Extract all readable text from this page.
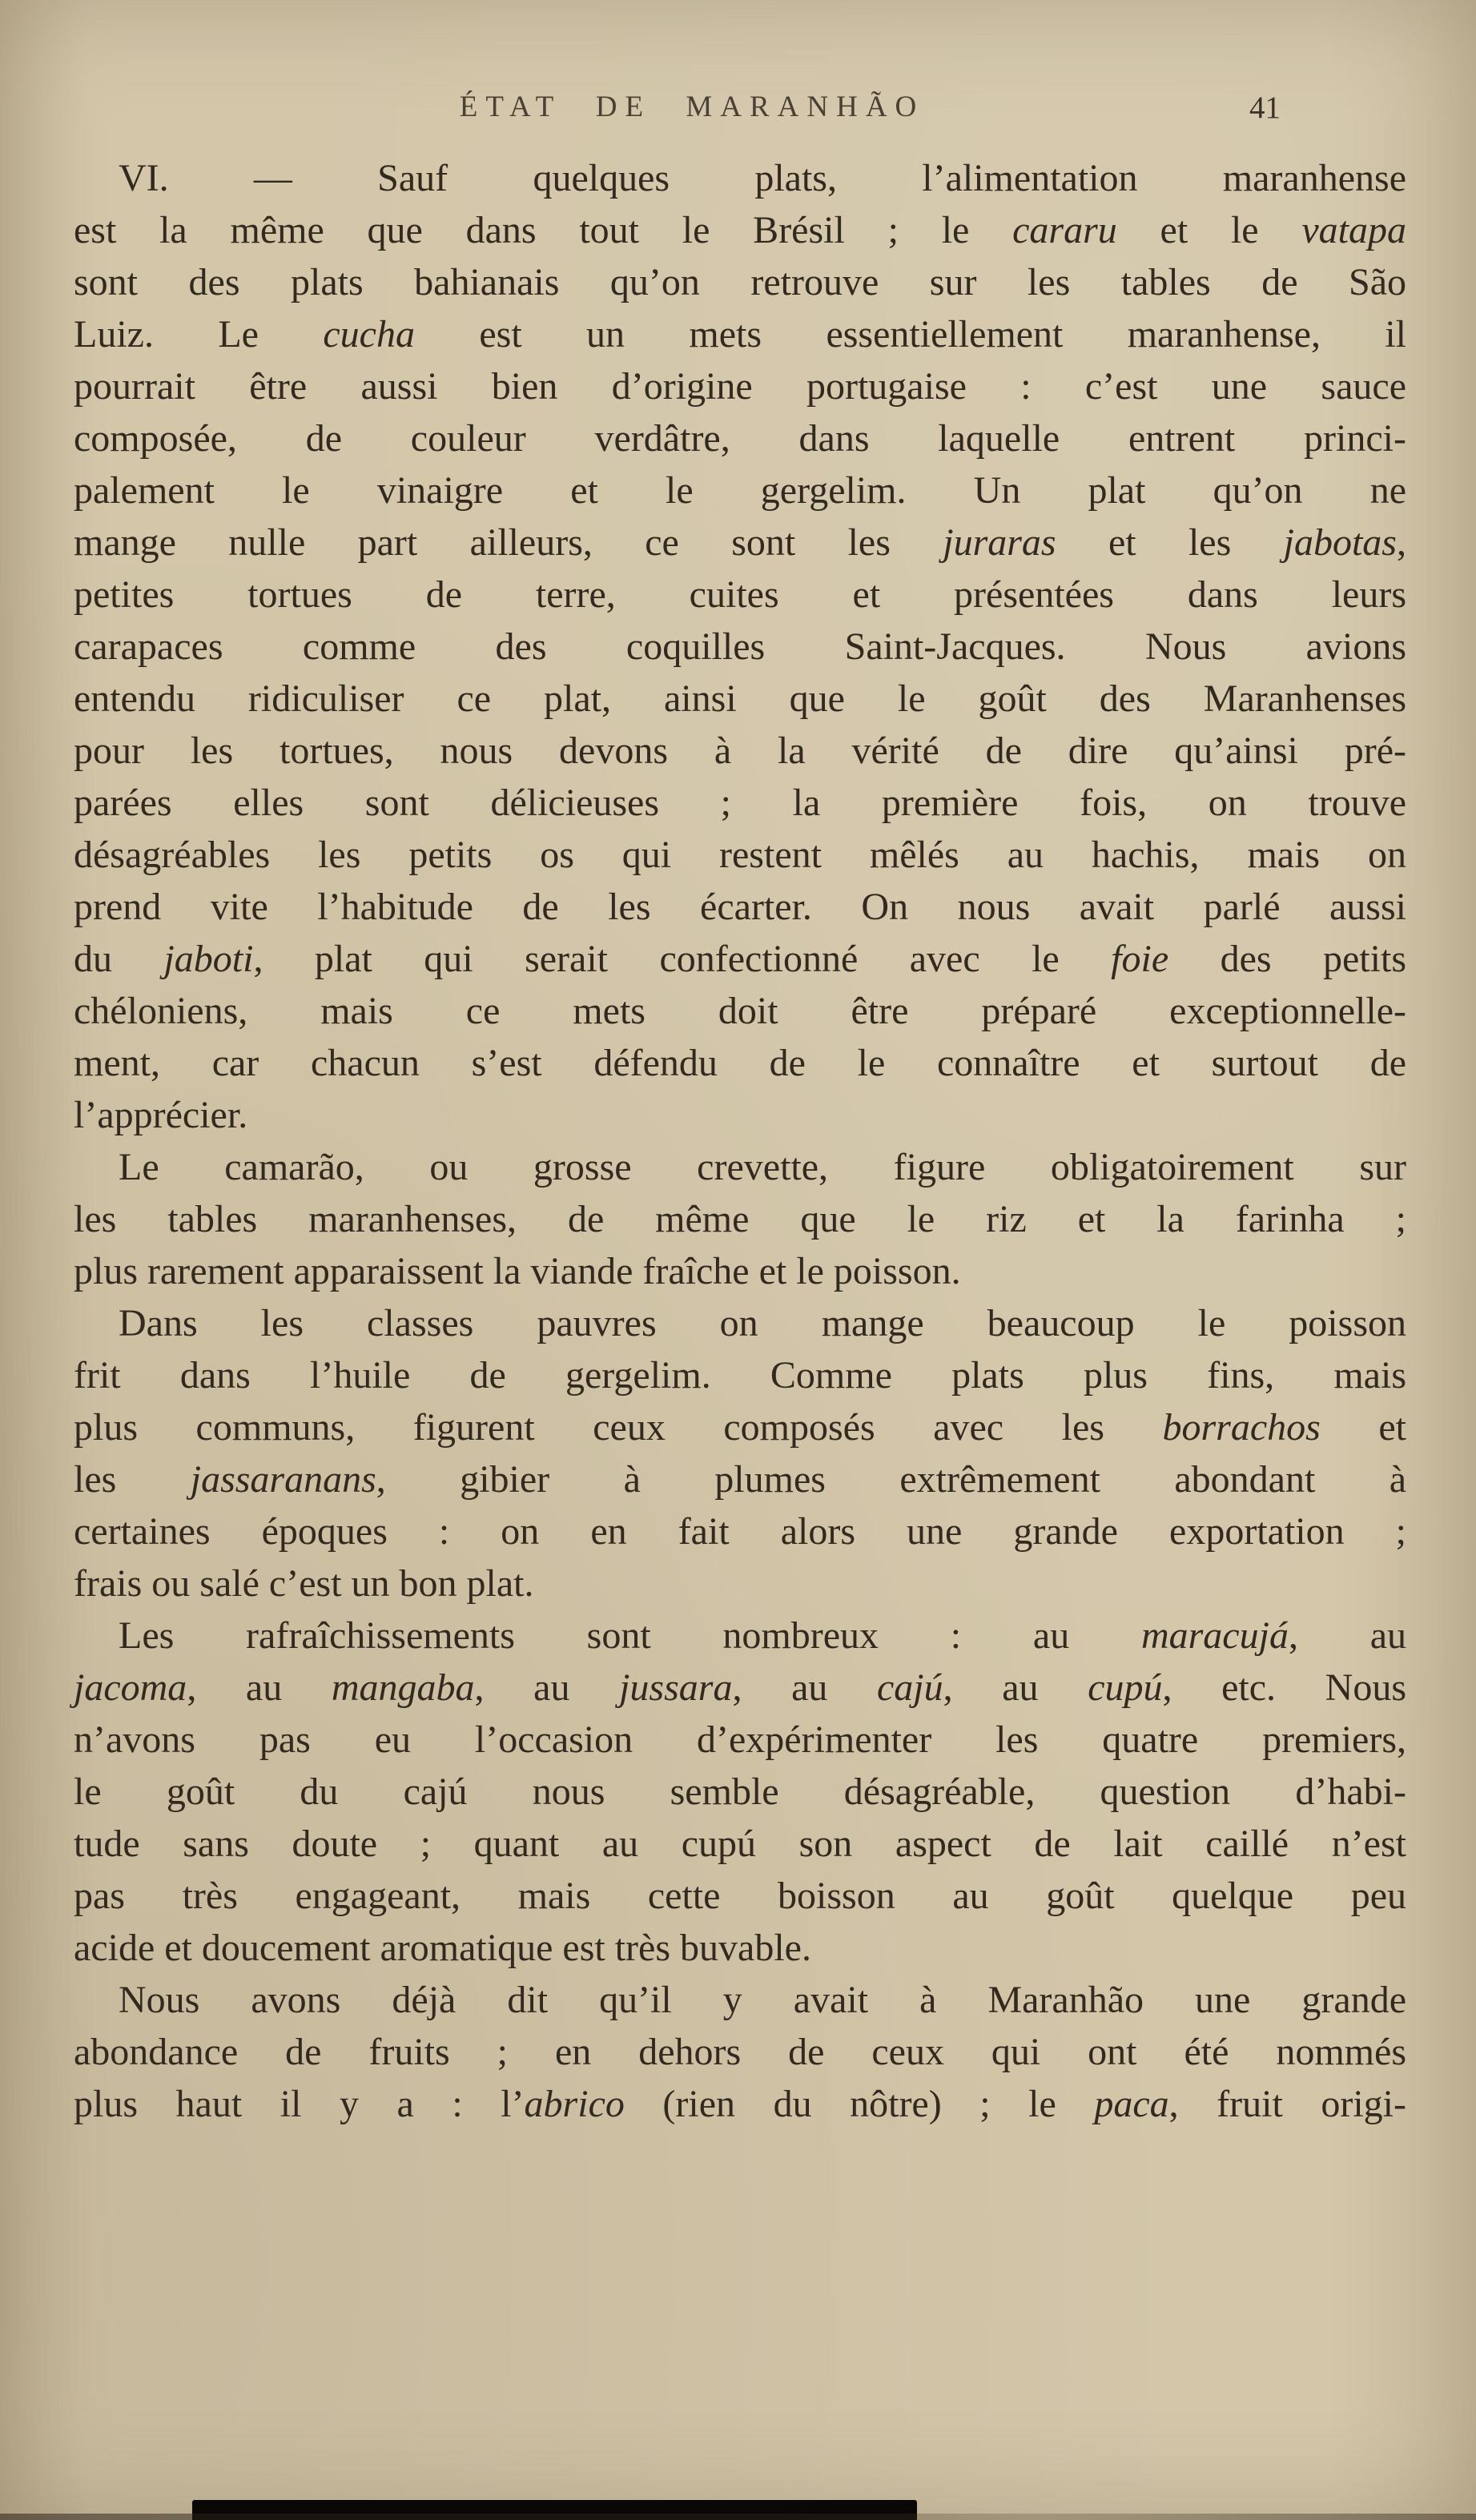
ÉTAT DE MARANHÃO	41
VI. — Sauf quelques plats, l’alimentation maranhense
est la même que dans tout le Brésil ; le cararu et le vatapa
sont des plats bahianais qu’on retrouve sur les tables de São
Luiz. Le cucha est un mets essentiellement maranhense, il
pourrait être aussi bien d’origine portugaise : c’est une sauce
composée, de couleur verdâtre, dans laquelle entrent princi-
palement le vinaigre et le gergelim. Un plat qu’on ne
mange nulle part ailleurs, ce sont les juraras et les jabotas,
petites tortues de terre, cuites et présentées dans leurs
carapaces comme des coquilles Saint-Jacques. Nous avions
entendu ridiculiser ce plat, ainsi que le goût des Maranhenses
pour les tortues, nous devons à la vérité de dire qu’ainsi pré-
parées elles sont délicieuses ; la première fois, on trouve
désagréables les petits os qui restent mêlés au hachis, mais on
prend vite l’habitude de les écarter. On nous avait parlé aussi
du jaboti, plat qui serait confectionné avec le foie des petits
chéloniens, mais ce mets doit être préparé exceptionnelle-
ment, car chacun s’est défendu de le connaître et surtout de
l’apprécier.
Le camarão, ou grosse crevette, figure obligatoirement sur
les tables maranhenses, de même que le riz et la farinha ;
plus rarement apparaissent la viande fraîche et le poisson.
Dans les classes pauvres on mange beaucoup le poisson
frit dans l’huile de gergelim. Comme plats plus fins, mais
plus communs, figurent ceux composés avec les borrachos et
les jassaranans, gibier à plumes extrêmement abondant à
certaines époques : on en fait alors une grande exportation ;
frais ou salé c’est un bon plat.
Les rafraîchissements sont nombreux : au maracujá, au
jacoma, au mangaba, au jussara, au cajú, au cupú, etc. Nous
n’avons pas eu l’occasion d’expérimenter les quatre premiers,
le goût du cajú nous semble désagréable, question d’habi-
tude sans doute ; quant au cupú son aspect de lait caillé n’est
pas très engageant, mais cette boisson au goût quelque peu
acide et doucement aromatique est très buvable.
Nous avons déjà dit qu’il y avait à Maranhão une grande
abondance de fruits ; en dehors de ceux qui ont été nommés
plus haut il y a : l’abrico (rien du nôtre) ; le paca, fruit origi-
